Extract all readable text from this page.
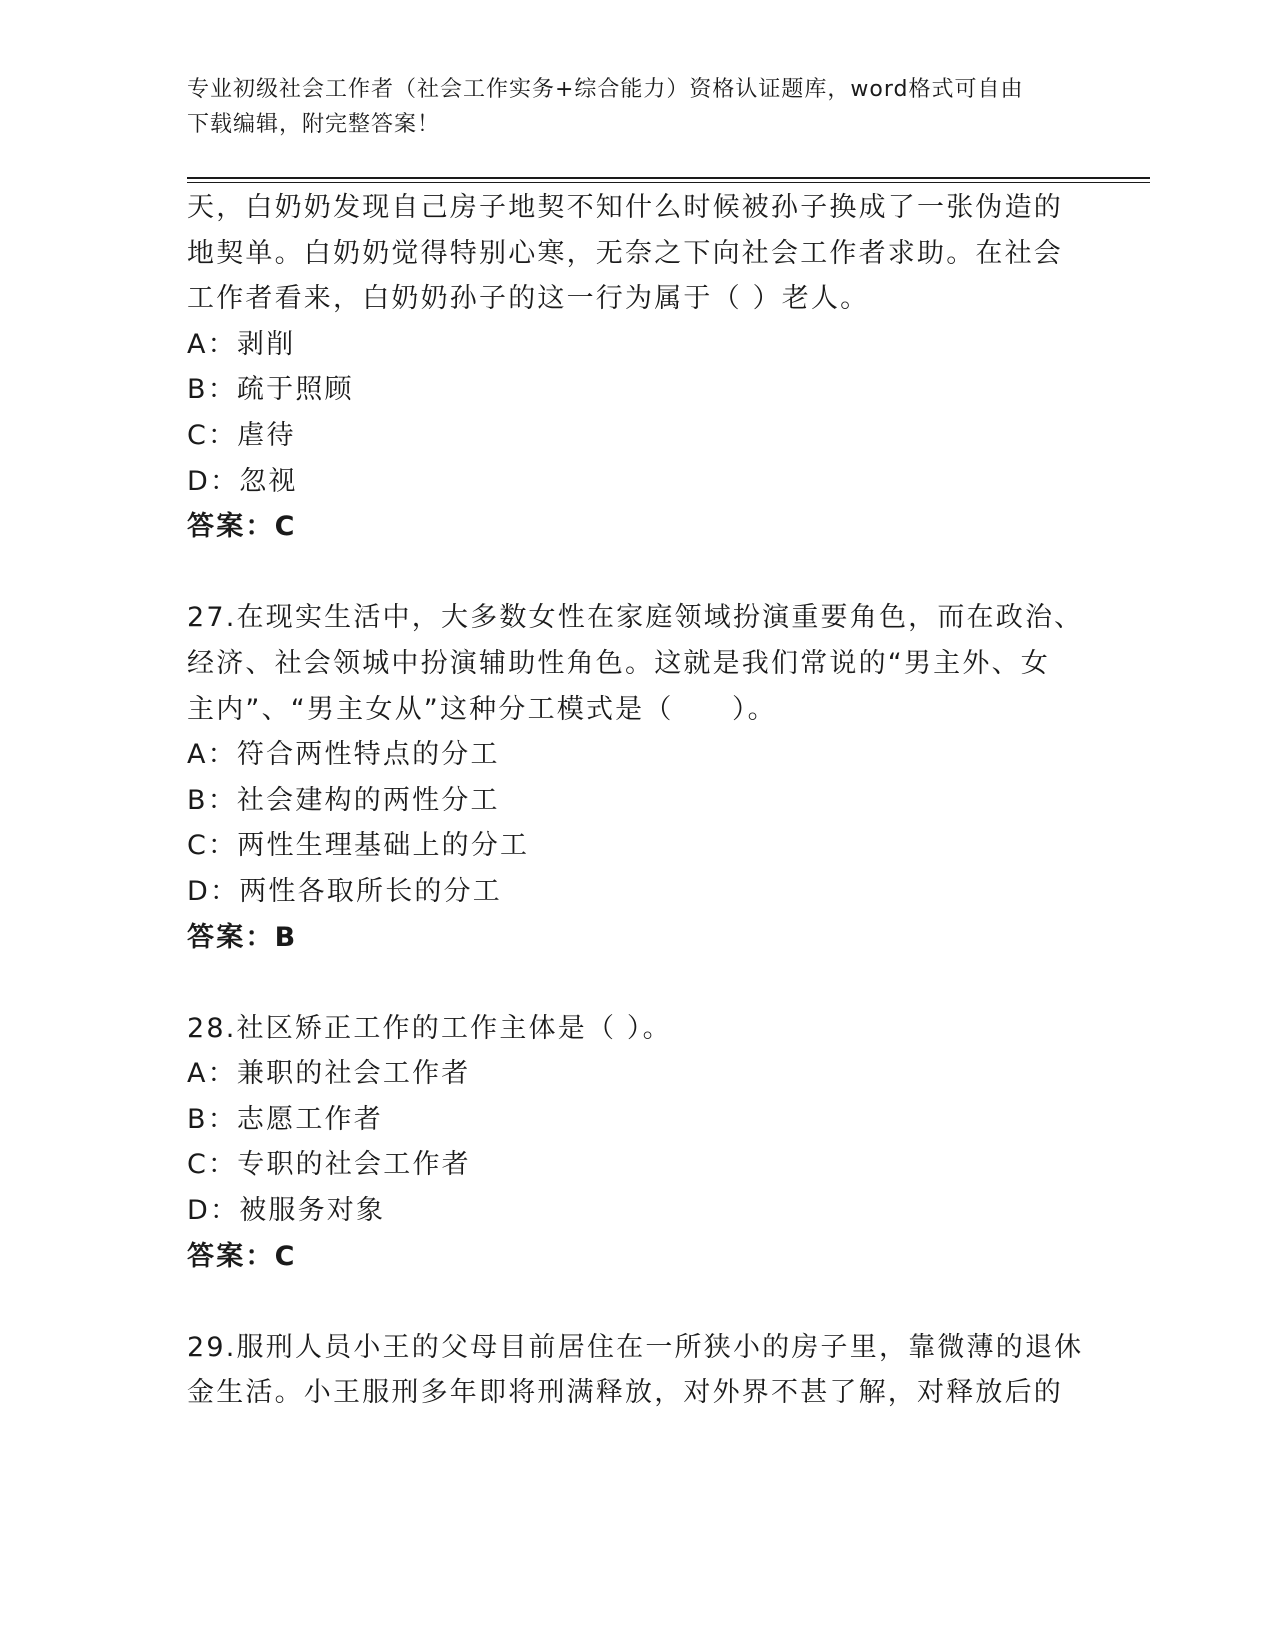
专业初级社会工作者（社会工作实务+综合能力）资格认证题库，word格式可自由

下载编辑，附完整答案！

天，白奶奶发现自己房子地契不知什么时候被孙子换成了一张伪造的
地契单。白奶奶觉得特别心寒，无奈之下向社会工作者求助。在社会
工作者看来，白奶奶孙子的这一行为属于（ ）老人。
A：剥削
B：疏于照顾
C：虐待
D：忽视
答案：C
27.在现实生活中，大多数女性在家庭领域扮演重要角色，而在政治、
经济、社会领城中扮演辅助性角色。这就是我们常说的“男主外、女
主内”、“男主女从”这种分工模式是（　　）。
A：符合两性特点的分工
B：社会建构的两性分工
C：两性生理基础上的分工
D：两性各取所长的分工
答案：B
28.社区矫正工作的工作主体是（ ）。
A：兼职的社会工作者
B：志愿工作者
C：专职的社会工作者
D：被服务对象
答案：C
29.服刑人员小王的父母目前居住在一所狭小的房子里，靠微薄的退休
金生活。小王服刑多年即将刑满释放，对外界不甚了解，对释放后的
